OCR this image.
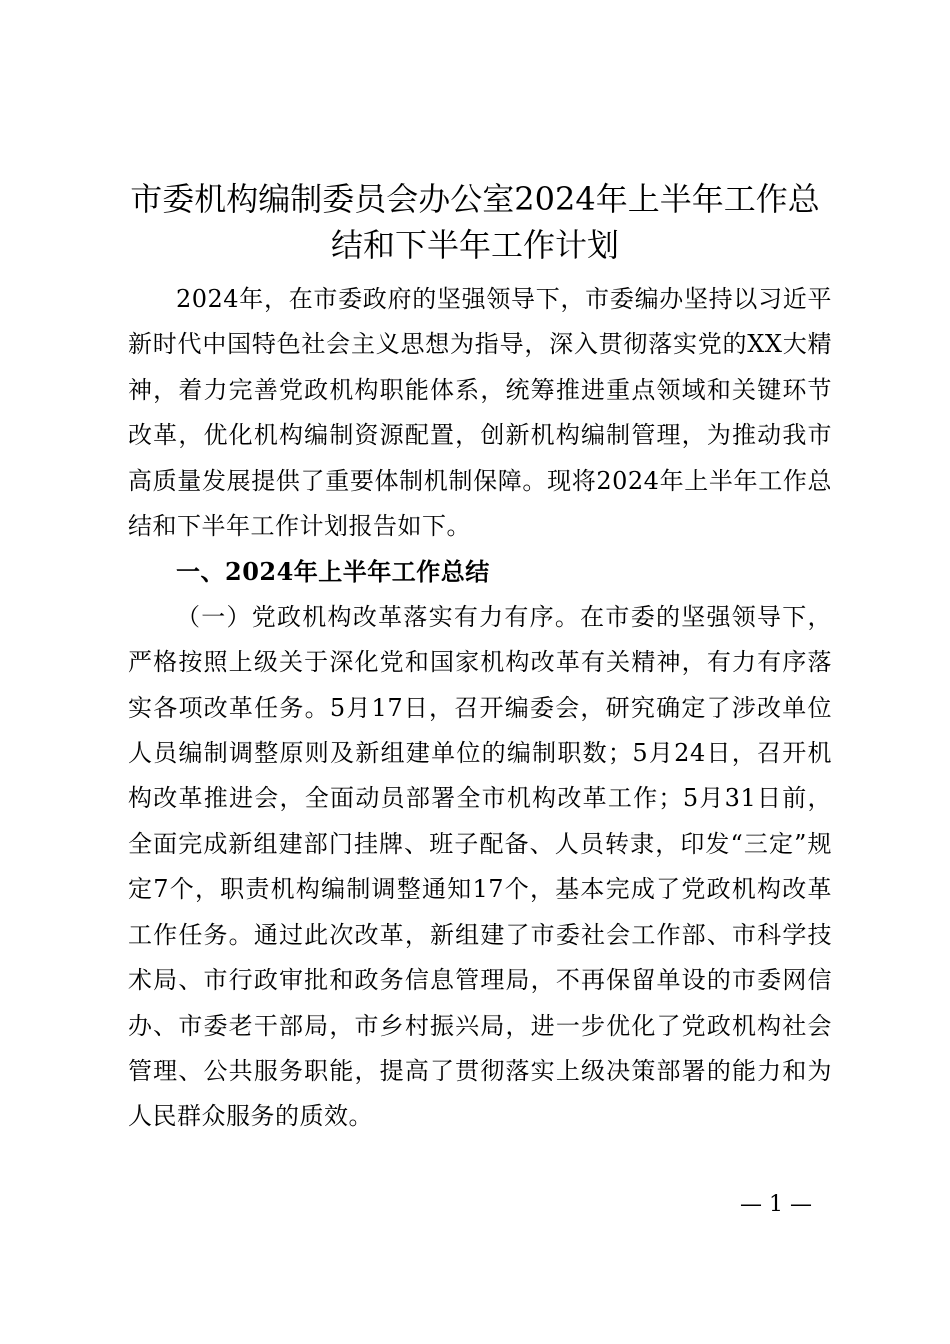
市委机构编制委员会办公室2024年上半年工作总结和下半年工作计划

2024年，在市委政府的坚强领导下，市委编办坚持以习近平新时代中国特色社会主义思想为指导，深入贯彻落实党的XX大精神，着力完善党政机构职能体系，统筹推进重点领域和关键环节改革，优化机构编制资源配置，创新机构编制管理，为推动我市高质量发展提供了重要体制机制保障。现将2024年上半年工作总结和下半年工作计划报告如下。

一、2024年上半年工作总结

（一）党政机构改革落实有力有序。在市委的坚强领导下，严格按照上级关于深化党和国家机构改革有关精神，有力有序落实各项改革任务。5月17日，召开编委会，研究确定了涉改单位人员编制调整原则及新组建单位的编制职数；5月24日，召开机构改革推进会，全面动员部署全市机构改革工作；5月31日前，全面完成新组建部门挂牌、班子配备、人员转隶，印发“三定”规定7个，职责机构编制调整通知17个，基本完成了党政机构改革工作任务。通过此次改革，新组建了市委社会工作部、市科学技术局、市行政审批和政务信息管理局，不再保留单设的市委网信办、市委老干部局，市乡村振兴局，进一步优化了党政机构社会管理、公共服务职能，提高了贯彻落实上级决策部署的能力和为人民群众服务的质效。

— 1 —
